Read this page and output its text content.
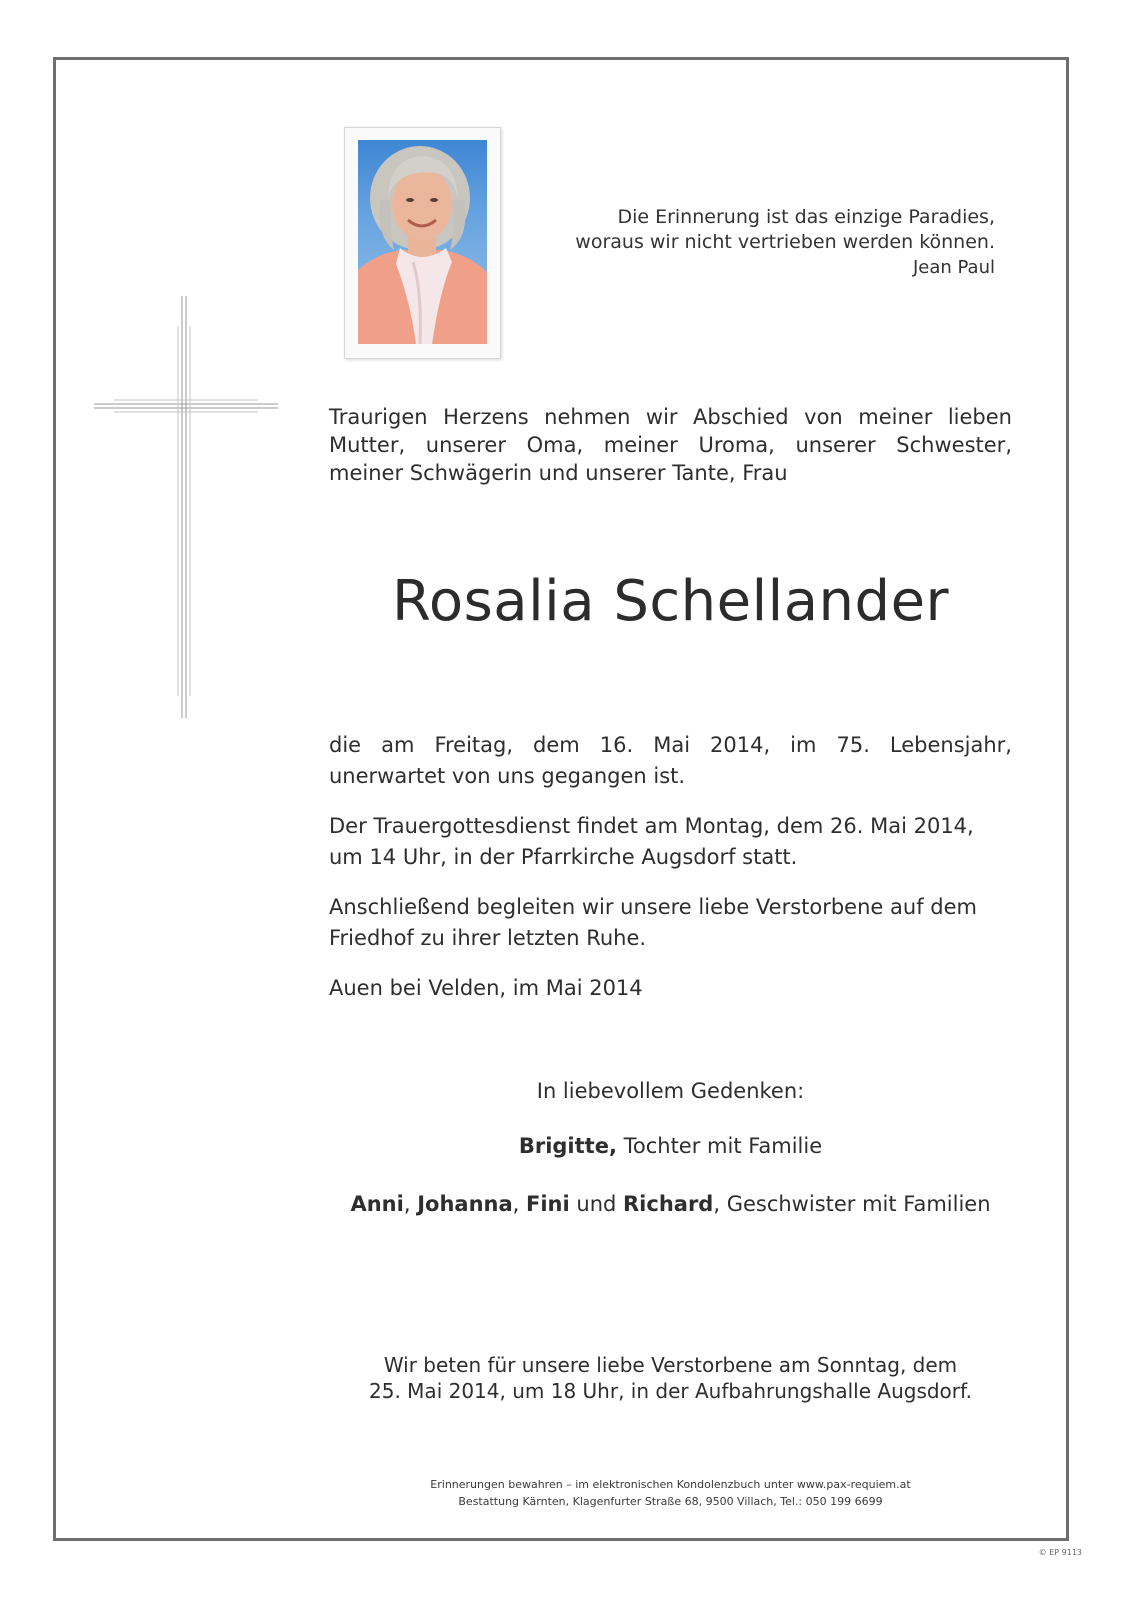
Die Erinnerung ist das einzige Paradies,
woraus wir nicht vertrieben werden können.
Jean Paul
Traurigen Herzens nehmen wir Abschied von meiner lieben
Mutter, unserer Oma, meiner Uroma, unserer Schwester,
meiner Schwägerin und unserer Tante, Frau
Rosalia Schellander
die am Freitag, dem 16. Mai 2014, im 75. Lebensjahr,
unerwartet von uns gegangen ist.
Der Trauergottesdienst findet am Montag, dem 26. Mai 2014,
um 14 Uhr, in der Pfarrkirche Augsdorf statt.
Anschließend begleiten wir unsere liebe Verstorbene auf dem
Friedhof zu ihrer letzten Ruhe.
Auen bei Velden, im Mai 2014
In liebevollem Gedenken:
Brigitte, Tochter mit Familie
Anni, Johanna, Fini und Richard, Geschwister mit Familien
Wir beten für unsere liebe Verstorbene am Sonntag, dem
25. Mai 2014, um 18 Uhr, in der Aufbahrungshalle Augsdorf.
Erinnerungen bewahren – im elektronischen Kondolenzbuch unter www.pax-requiem.at
Bestattung Kärnten, Klagenfurter Straße 68, 9500 Villach, Tel.: 050 199 6699
© EP 9113
